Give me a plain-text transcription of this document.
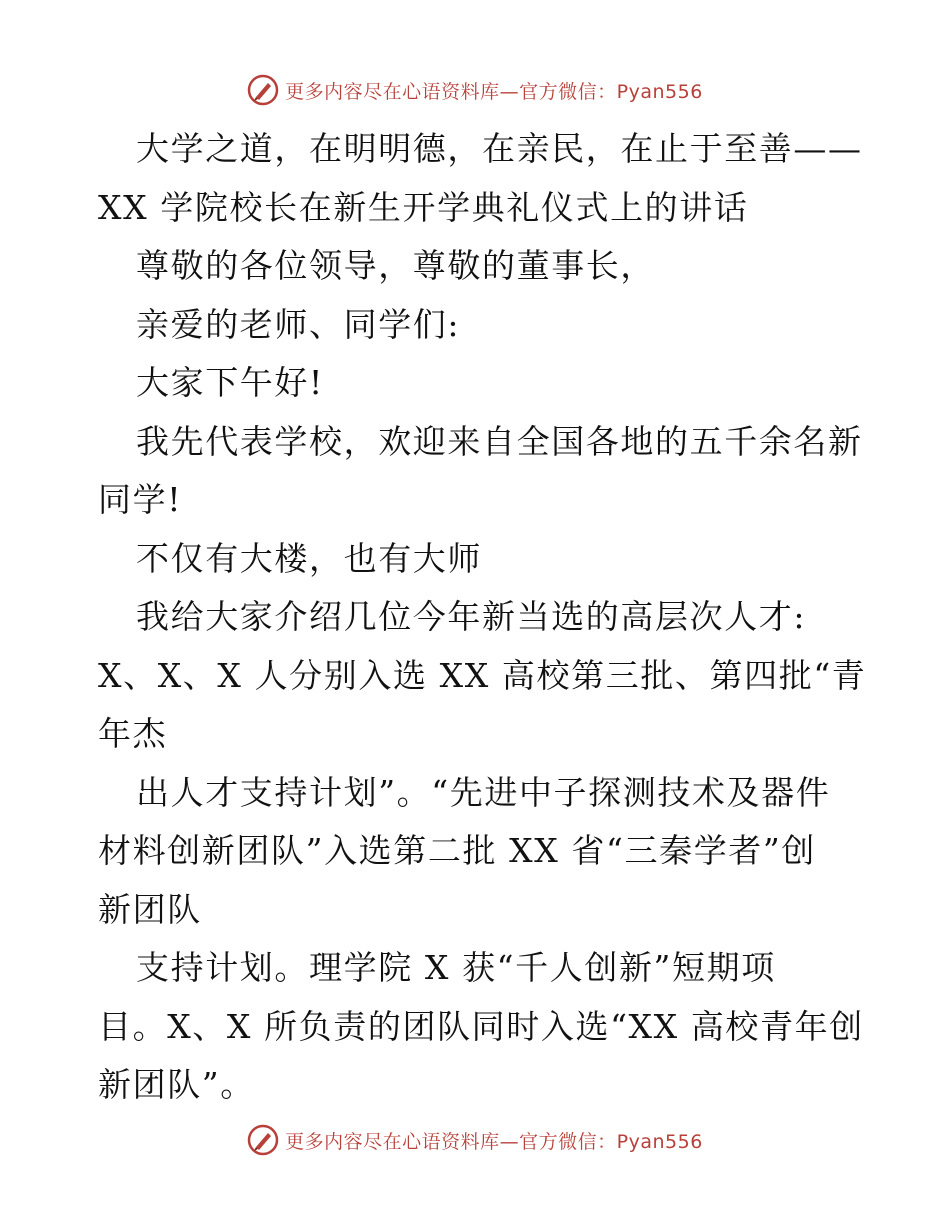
更多内容尽在心语资料库—官方微信：Pyan556
大学之道，在明明德，在亲民，在止于至善——
XX 学院校长在新生开学典礼仪式上的讲话
尊敬的各位领导，尊敬的董事长，
亲爱的老师、同学们:
大家下午好!
我先代表学校，欢迎来自全国各地的五千余名新
同学!
不仅有大楼，也有大师
我给大家介绍几位今年新当选的高层次人才:
X、X、X 人分别入选 XX 高校第三批、第四批“青
年杰
出人才支持计划”。“先进中子探测技术及器件
材料创新团队”入选第二批 XX 省“三秦学者”创
新团队
支持计划。理学院 X 获“千人创新”短期项
目。X、X 所负责的团队同时入选“XX 高校青年创
新团队”。
更多内容尽在心语资料库—官方微信：Pyan556
